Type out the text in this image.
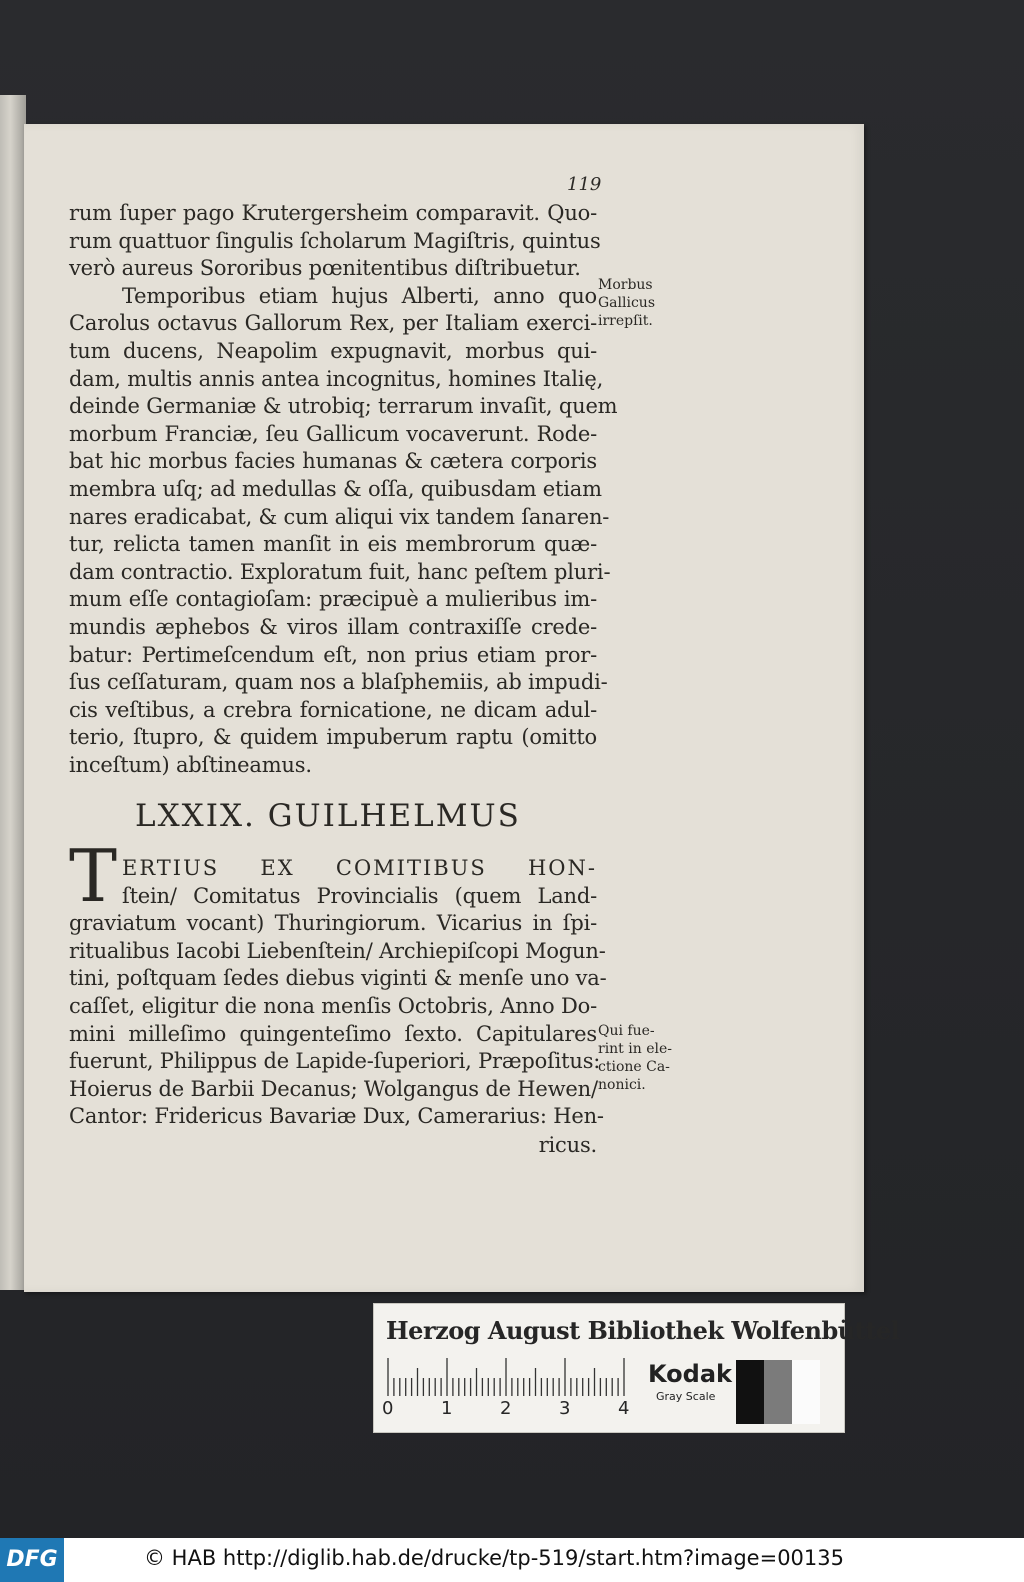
119
rum ſuper pago Krutergersheim comparavit. Quo-
rum quattuor ſingulis ſcholarum Magiſtris, quintus
verò aureus Sororibus pœnitentibus diſtribuetur.
Temporibus etiam hujus Alberti, anno quo
Carolus octavus Gallorum Rex, per Italiam exerci-
tum ducens, Neapolim expugnavit, morbus qui-
dam, multis annis antea incognitus, homines Italię,
deinde Germaniæ & utrobiq; terrarum invaſit, quem
morbum Franciæ, ſeu Gallicum vocaverunt. Rode-
bat hic morbus facies humanas & cætera corporis
membra uſq; ad medullas & oſſa, quibusdam etiam
nares eradicabat, & cum aliqui vix tandem ſanaren-
tur, relicta tamen manſit in eis membrorum quæ-
dam contractio. Exploratum fuit, hanc peſtem pluri-
mum eſſe contagioſam: præcipuè a mulieribus im-
mundis æphebos & viros illam contraxiſſe crede-
batur: Pertimeſcendum eſt, non prius etiam pror-
ſus ceſſaturam, quam nos a blaſphemiis, ab impudi-
cis veſtibus, a crebra fornicatione, ne dicam adul-
terio, ſtupro, & quidem impuberum raptu (omitto
inceſtum) abſtineamus.
LXXIX. GUILHELMUS
T ERTIUS EX COMITIBUS HON-
ſtein/ Comitatus Provincialis (quem Land-
graviatum vocant) Thuringiorum. Vicarius in ſpi-
ritualibus Iacobi Liebenſtein/ Archiepiſcopi Mogun-
tini, poſtquam ſedes diebus viginti & menſe uno va-
caſſet, eligitur die nona menſis Octobris, Anno Do-
mini milleſimo quingenteſimo ſexto. Capitulares
fuerunt, Philippus de Lapide-ſuperiori, Præpoſitus:
Hoierus de Barbii Decanus; Wolgangus de Hewen/
Cantor: Fridericus Bavariæ Dux, Camerarius: Hen-
ricus.
Morbus
Gallicus
irrepſit.
Qui fue-
rint in ele-
ctione Ca-
nonici.
Herzog August Bibliothek Wolfenbüttel
0	1	2	3	4
Kodak
Gray Scale
DFG	© HAB http://diglib.hab.de/drucke/tp-519/start.htm?image=00135
